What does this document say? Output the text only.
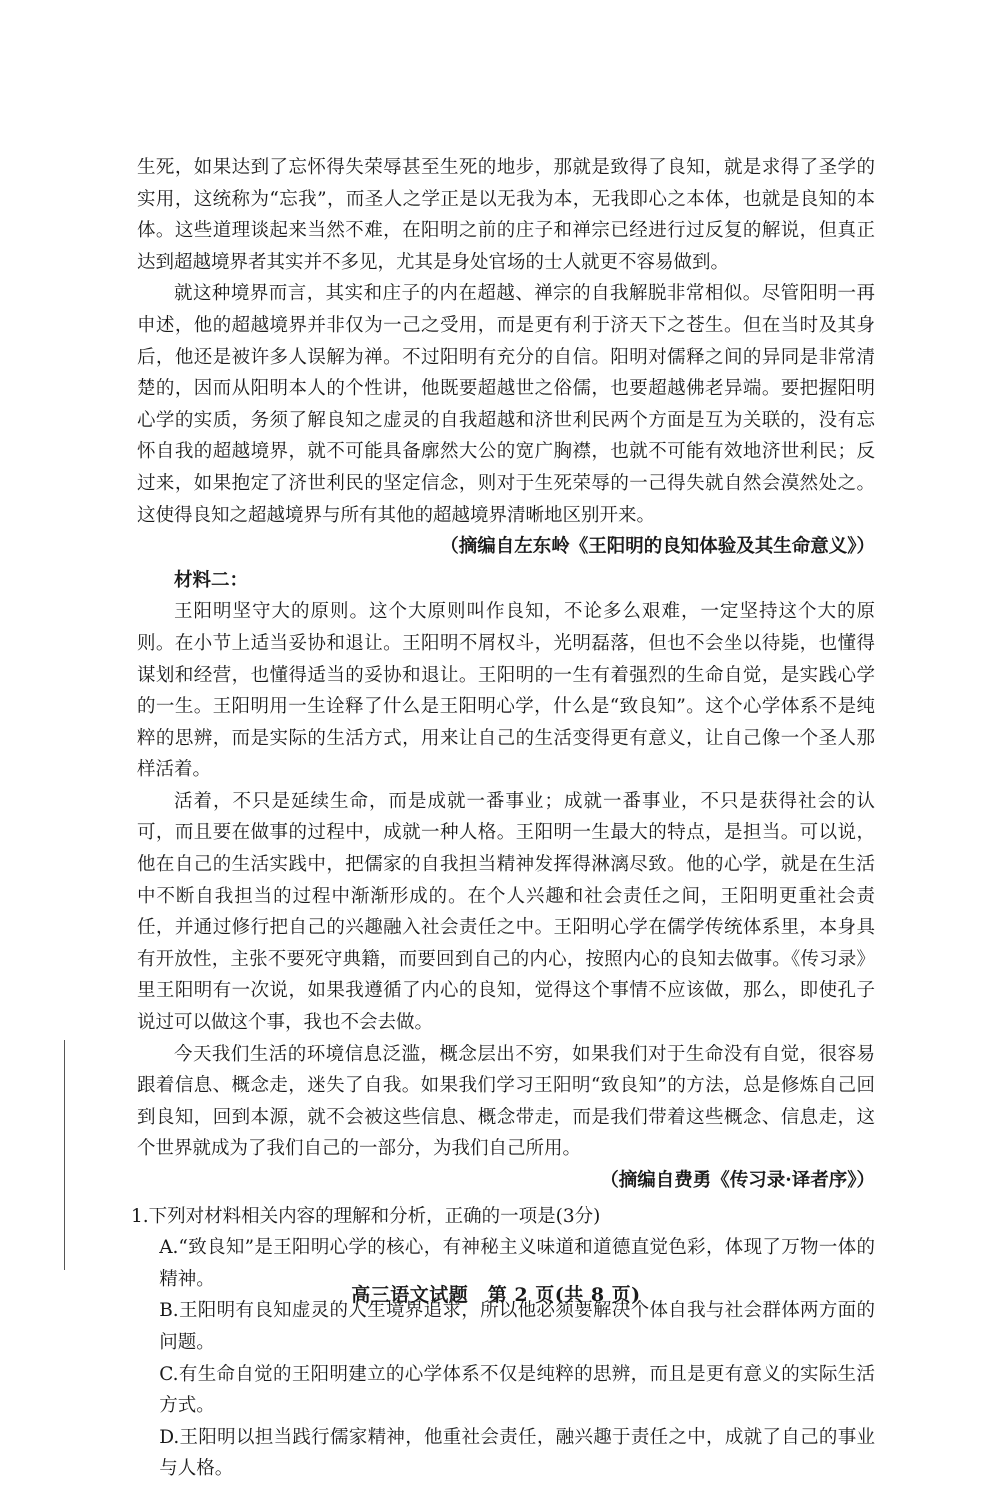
生死，如果达到了忘怀得失荣辱甚至生死的地步，那就是致得了良知，就是求得了圣学的实用，这统称为“忘我”，而圣人之学正是以无我为本，无我即心之本体，也就是良知的本体。这些道理谈起来当然不难，在阳明之前的庄子和禅宗已经进行过反复的解说，但真正达到超越境界者其实并不多见，尤其是身处官场的士人就更不容易做到。

就这种境界而言，其实和庄子的内在超越、禅宗的自我解脱非常相似。尽管阳明一再申述，他的超越境界并非仅为一己之受用，而是更有利于济天下之苍生。但在当时及其身后，他还是被许多人误解为禅。不过阳明有充分的自信。阳明对儒释之间的异同是非常清楚的，因而从阳明本人的个性讲，他既要超越世之俗儒，也要超越佛老异端。要把握阳明心学的实质，务须了解良知之虚灵的自我超越和济世利民两个方面是互为关联的，没有忘怀自我的超越境界，就不可能具备廓然大公的宽广胸襟，也就不可能有效地济世利民；反过来，如果抱定了济世利民的坚定信念，则对于生死荣辱的一己得失就自然会漠然处之。这使得良知之超越境界与所有其他的超越境界清晰地区别开来。

（摘编自左东岭《王阳明的良知体验及其生命意义》）

材料二：

王阳明坚守大的原则。这个大原则叫作良知，不论多么艰难，一定坚持这个大的原则。在小节上适当妥协和退让。王阳明不屑权斗，光明磊落，但也不会坐以待毙，也懂得谋划和经营，也懂得适当的妥协和退让。王阳明的一生有着强烈的生命自觉，是实践心学的一生。王阳明用一生诠释了什么是王阳明心学，什么是“致良知”。这个心学体系不是纯粹的思辨，而是实际的生活方式，用来让自己的生活变得更有意义，让自己像一个圣人那样活着。

活着，不只是延续生命，而是成就一番事业；成就一番事业，不只是获得社会的认可，而且要在做事的过程中，成就一种人格。王阳明一生最大的特点，是担当。可以说，他在自己的生活实践中，把儒家的自我担当精神发挥得淋漓尽致。他的心学，就是在生活中不断自我担当的过程中渐渐形成的。在个人兴趣和社会责任之间，王阳明更重社会责任，并通过修行把自己的兴趣融入社会责任之中。王阳明心学在儒学传统体系里，本身具有开放性，主张不要死守典籍，而要回到自己的内心，按照内心的良知去做事。《传习录》里王阳明有一次说，如果我遵循了内心的良知，觉得这个事情不应该做，那么，即使孔子说过可以做这个事，我也不会去做。

今天我们生活的环境信息泛滥，概念层出不穷，如果我们对于生命没有自觉，很容易跟着信息、概念走，迷失了自我。如果我们学习王阳明“致良知”的方法，总是修炼自己回到良知，回到本源，就不会被这些信息、概念带走，而是我们带着这些概念、信息走，这个世界就成为了我们自己的一部分，为我们自己所用。

（摘编自费勇《传习录·译者序》）

1.下列对材料相关内容的理解和分析，正确的一项是(3分)

A.“致良知”是王阳明心学的核心，有神秘主义味道和道德直觉色彩，体现了万物一体的精神。

B.王阳明有良知虚灵的人生境界追求，所以他必须要解决个体自我与社会群体两方面的问题。

C.有生命自觉的王阳明建立的心学体系不仅是纯粹的思辨，而且是更有意义的实际生活方式。

D.王阳明以担当践行儒家精神，他重社会责任，融兴趣于责任之中，成就了自己的事业与人格。

高三语文试题　第 2 页(共 8 页)
